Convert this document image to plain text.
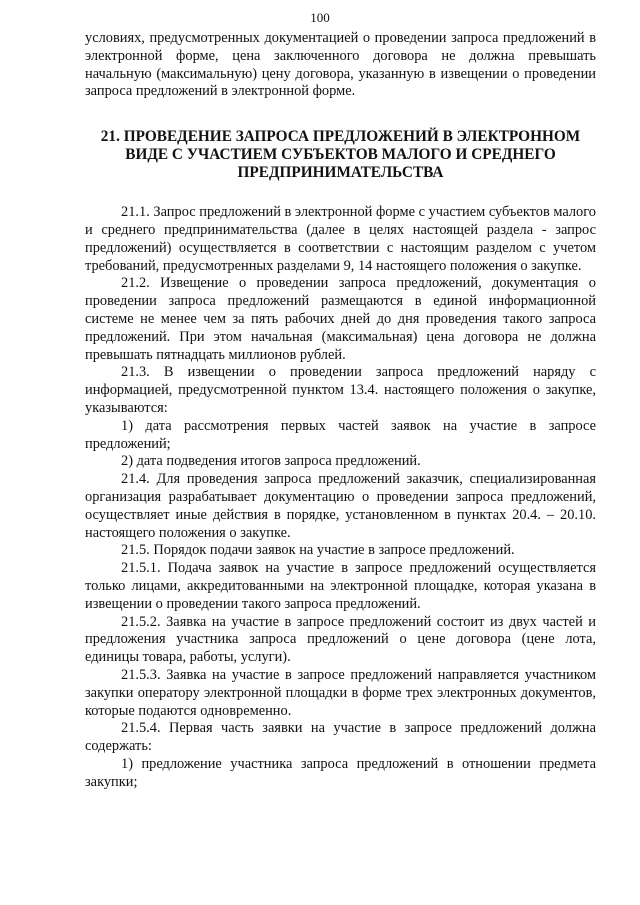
100

условиях, предусмотренных документацией о проведении запроса предложений в электронной форме, цена заключенного договора не должна превышать начальную (максимальную) цену договора, указанную в извещении о проведении запроса предложений в электронной форме.

21. ПРОВЕДЕНИЕ ЗАПРОСА ПРЕДЛОЖЕНИЙ В ЭЛЕКТРОННОМ ВИДЕ С УЧАСТИЕМ СУБЪЕКТОВ МАЛОГО И СРЕДНЕГО ПРЕДПРИНИМАТЕЛЬСТВА

21.1. Запрос предложений в электронной форме с участием субъектов малого и среднего предпринимательства (далее в целях настоящей раздела - запрос предложений) осуществляется в соответствии с настоящим разделом с учетом требований, предусмотренных разделами 9, 14 настоящего положения о закупке.

21.2. Извещение о проведении запроса предложений, документация о проведении запроса предложений размещаются в единой информационной системе не менее чем за пять рабочих дней до дня проведения такого запроса предложений. При этом начальная (максимальная) цена договора не должна превышать пятнадцать миллионов рублей.

21.3. В извещении о проведении запроса предложений наряду с информацией, предусмотренной пунктом 13.4. настоящего положения о закупке, указываются:

1) дата рассмотрения первых частей заявок на участие в запросе предложений;

2) дата подведения итогов запроса предложений.

21.4. Для проведения запроса предложений заказчик, специализированная организация разрабатывает документацию о проведении запроса предложений, осуществляет иные действия в порядке, установленном в пунктах 20.4. – 20.10. настоящего положения о закупке.

21.5. Порядок подачи заявок на участие в запросе предложений.

21.5.1. Подача заявок на участие в запросе предложений осуществляется только лицами, аккредитованными на электронной площадке, которая указана в извещении о проведении такого запроса предложений.

21.5.2. Заявка на участие в запросе предложений состоит из двух частей и предложения участника запроса предложений о цене договора (цене лота, единицы товара, работы, услуги).

21.5.3. Заявка на участие в запросе предложений направляется участником закупки оператору электронной площадки в форме трех электронных документов, которые подаются одновременно.

21.5.4. Первая часть заявки на участие в запросе предложений должна содержать:

1) предложение участника запроса предложений в отношении предмета закупки;
